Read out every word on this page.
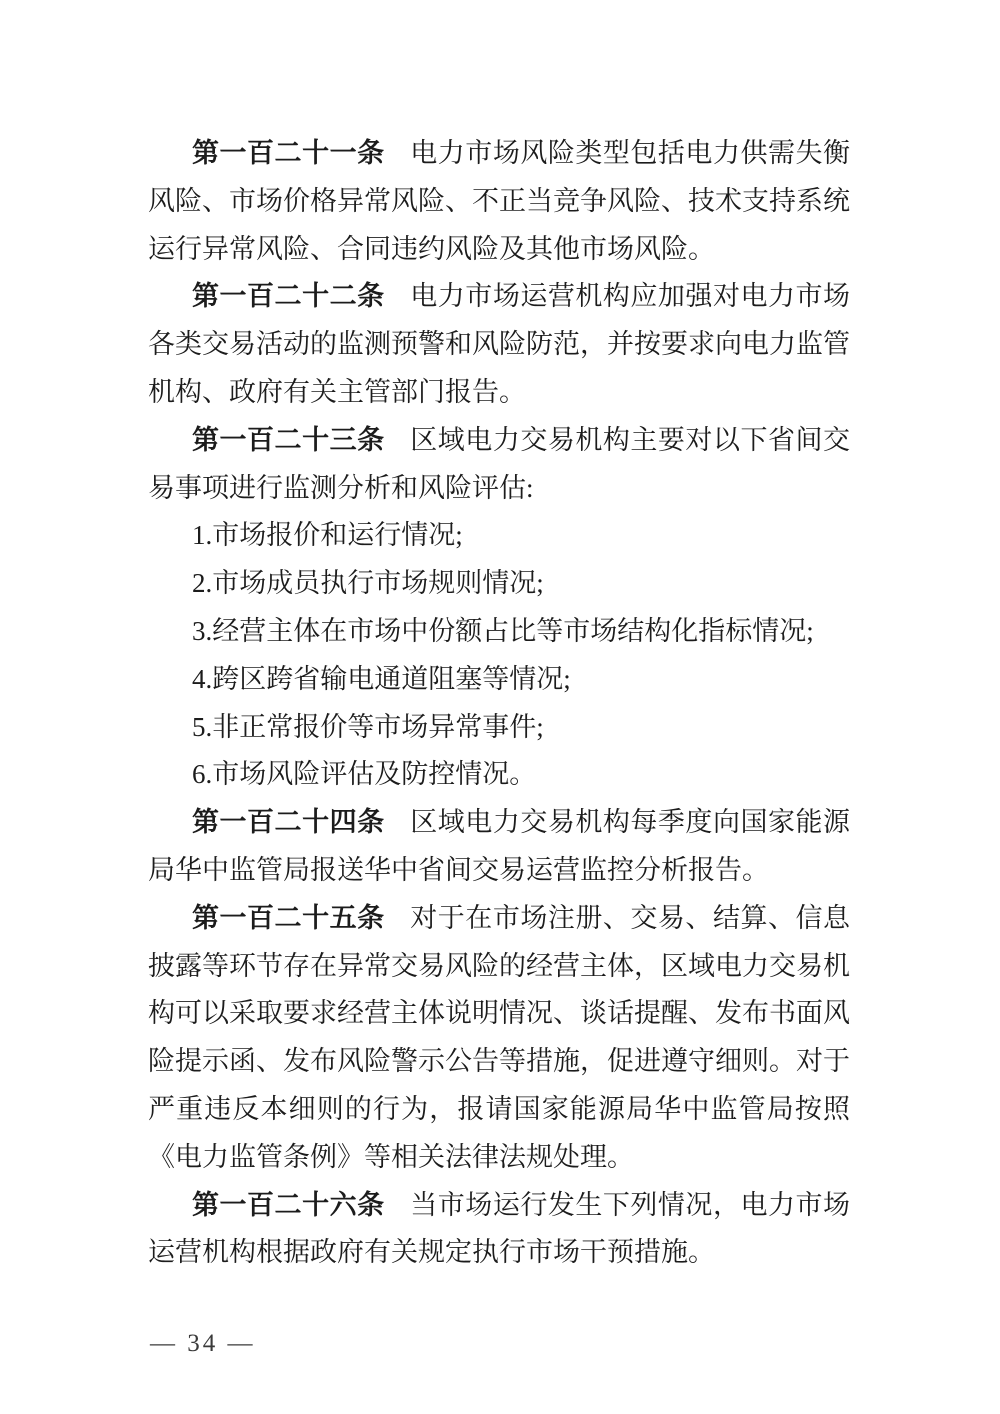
第一百二十一条 电力市场风险类型包括电力供需失衡风险、市场价格异常风险、不正当竞争风险、技术支持系统运行异常风险、合同违约风险及其他市场风险。

第一百二十二条 电力市场运营机构应加强对电力市场各类交易活动的监测预警和风险防范，并按要求向电力监管机构、政府有关主管部门报告。

第一百二十三条 区域电力交易机构主要对以下省间交易事项进行监测分析和风险评估:

1.市场报价和运行情况;

2.市场成员执行市场规则情况;

3.经营主体在市场中份额占比等市场结构化指标情况;

4.跨区跨省输电通道阻塞等情况;

5.非正常报价等市场异常事件;

6.市场风险评估及防控情况。

第一百二十四条 区域电力交易机构每季度向国家能源局华中监管局报送华中省间交易运营监控分析报告。

第一百二十五条 对于在市场注册、交易、结算、信息披露等环节存在异常交易风险的经营主体，区域电力交易机构可以采取要求经营主体说明情况、谈话提醒、发布书面风险提示函、发布风险警示公告等措施，促进遵守细则。对于严重违反本细则的行为，报请国家能源局华中监管局按照《电力监管条例》等相关法律法规处理。

第一百二十六条 当市场运行发生下列情况，电力市场运营机构根据政府有关规定执行市场干预措施。

— 34 —
